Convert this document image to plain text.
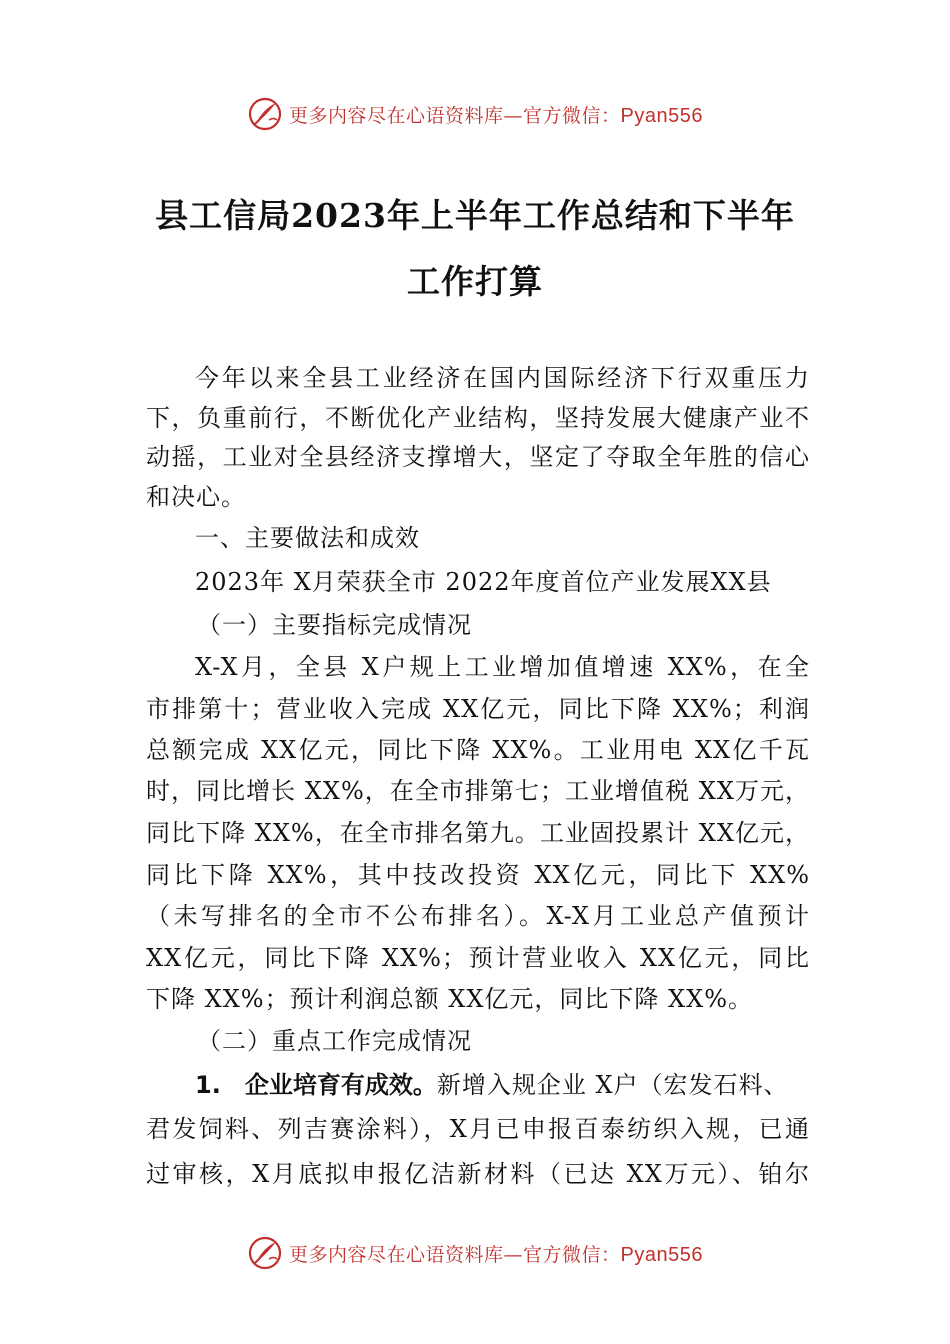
更多内容尽在心语资料库—官方微信：Pyan556
县工信局2023年上半年工作总结和下半年
工作打算
今年以来全县工业经济在国内国际经济下行双重压力
下，负重前行，不断优化产业结构，坚持发展大健康产业不
动摇，工业对全县经济支撑增大，坚定了夺取全年胜的信心
和决心。
一、主要做法和成效
2023年 X月荣获全市 2022年度首位产业发展XX县
（一）主要指标完成情况
X-X月，全县 X户规上工业增加值增速 XX%，在全
市排第十；营业收入完成 XX亿元，同比下降 XX%；利润
总额完成 XX亿元，同比下降 XX%。工业用电 XX亿千瓦
时，同比增长 XX%，在全市排第七；工业增值税 XX万元，
同比下降 XX%，在全市排名第九。工业固投累计 XX亿元，
同比下降 XX%，其中技改投资 XX亿元，同比下 XX%
（未写排名的全市不公布排名）。X-X月工业总产值预计
XX亿元，同比下降 XX%；预计营业收入 XX亿元，同比
下降 XX%；预计利润总额 XX亿元，同比下降 XX%。
（二）重点工作完成情况
1.　企业培育有成效。新增入规企业 X户（宏发石料、
君发饲料、列吉赛涂料），X月已申报百泰纺织入规，已通
过审核，X月底拟申报亿洁新材料（已达 XX万元）、铂尔
更多内容尽在心语资料库—官方微信：Pyan556
